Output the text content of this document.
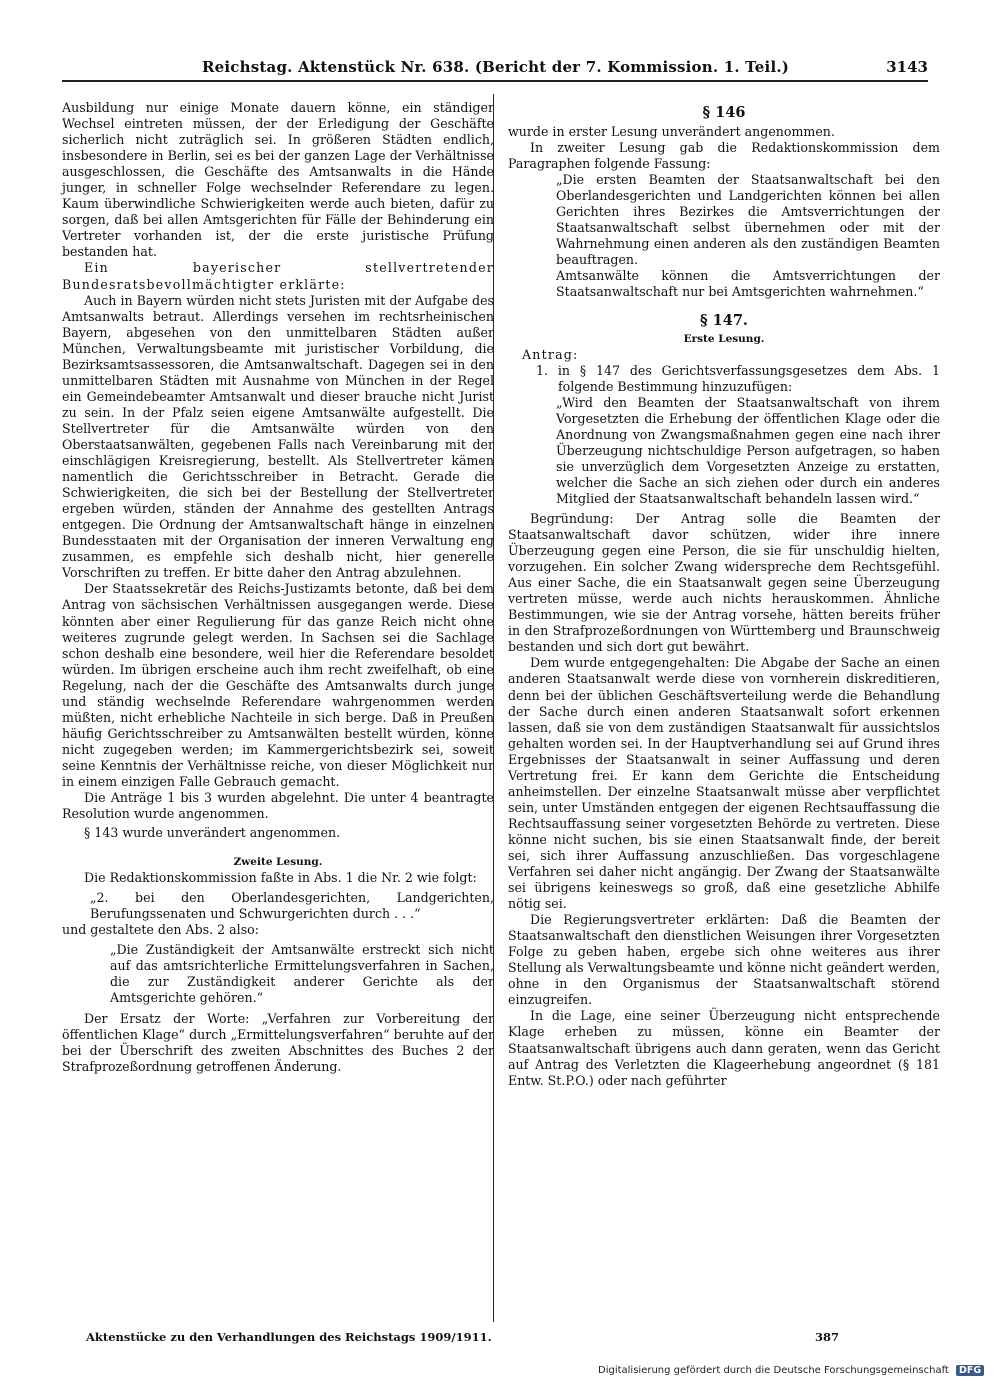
Reichstag. Aktenstück Nr. 638. (Bericht der 7. Kommission. 1. Teil.)	3143

Ausbildung nur einige Monate dauern könne, ein ständiger Wechsel eintreten müssen, der der Erledigung der Geschäfte sicherlich nicht zuträglich sei. In größeren Städten endlich, insbesondere in Berlin, sei es bei der ganzen Lage der Verhältnisse ausgeschlossen, die Geschäfte des Amtsanwalts in die Hände junger, in schneller Folge wechselnder Referendare zu legen. Kaum überwindliche Schwierigkeiten werde auch bieten, dafür zu sorgen, daß bei allen Amtsgerichten für Fälle der Behinderung ein Vertreter vorhanden ist, der die erste juristische Prüfung bestanden hat.

Ein bayerischer stellvertretender Bundesratsbevollmächtigter erklärte:

Auch in Bayern würden nicht stets Juristen mit der Aufgabe des Amtsanwalts betraut. Allerdings versehen im rechtsrheinischen Bayern, abgesehen von den unmittelbaren Städten außer München, Verwaltungsbeamte mit juristischer Vorbildung, die Bezirksamtsassessoren, die Amtsanwaltschaft. Dagegen sei in den unmittelbaren Städten mit Ausnahme von München in der Regel ein Gemeindebeamter Amtsanwalt und dieser brauche nicht Jurist zu sein. In der Pfalz seien eigene Amtsanwälte aufgestellt. Die Stellvertreter für die Amtsanwälte würden von den Oberstaatsanwälten, gegebenen Falls nach Vereinbarung mit der einschlägigen Kreisregierung, bestellt. Als Stellvertreter kämen namentlich die Gerichtsschreiber in Betracht. Gerade die Schwierigkeiten, die sich bei der Bestellung der Stellvertreter ergeben würden, ständen der Annahme des gestellten Antrags entgegen. Die Ordnung der Amtsanwaltschaft hänge in einzelnen Bundesstaaten mit der Organisation der inneren Verwaltung eng zusammen, es empfehle sich deshalb nicht, hier generelle Vorschriften zu treffen. Er bitte daher den Antrag abzulehnen.

Der Staatssekretär des Reichs-Justizamts betonte, daß bei dem Antrag von sächsischen Verhältnissen ausgegangen werde. Diese könnten aber einer Regulierung für das ganze Reich nicht ohne weiteres zugrunde gelegt werden. In Sachsen sei die Sachlage schon deshalb eine besondere, weil hier die Referendare besoldet würden. Im übrigen erscheine auch ihm recht zweifelhaft, ob eine Regelung, nach der die Geschäfte des Amtsanwalts durch junge und ständig wechselnde Referendare wahrgenommen werden müßten, nicht erhebliche Nachteile in sich berge. Daß in Preußen häufig Gerichtsschreiber zu Amtsanwälten bestellt würden, könne nicht zugegeben werden; im Kammergerichtsbezirk sei, soweit seine Kenntnis der Verhältnisse reiche, von dieser Möglichkeit nur in einem einzigen Falle Gebrauch gemacht.

Die Anträge 1 bis 3 wurden abgelehnt. Die unter 4 beantragte Resolution wurde angenommen.

§ 143 wurde unverändert angenommen.

Zweite Lesung.

Die Redaktionskommission faßte in Abs. 1 die Nr. 2 wie folgt:

„2. bei den Oberlandesgerichten, Landgerichten, Berufungssenaten und Schwurgerichten durch . . .“

und gestaltete den Abs. 2 also:

„Die Zuständigkeit der Amtsanwälte erstreckt sich nicht auf das amtsrichterliche Ermittelungsverfahren in Sachen, die zur Zuständigkeit anderer Gerichte als der Amtsgerichte gehören.“

Der Ersatz der Worte: „Verfahren zur Vorbereitung der öffentlichen Klage“ durch „Ermittelungsverfahren“ beruhte auf der bei der Überschrift des zweiten Abschnittes des Buches 2 der Strafprozeßordnung getroffenen Änderung.

§ 146

wurde in erster Lesung unverändert angenommen.

In zweiter Lesung gab die Redaktionskommission dem Paragraphen folgende Fassung:

„Die ersten Beamten der Staatsanwaltschaft bei den Oberlandesgerichten und Landgerichten können bei allen Gerichten ihres Bezirkes die Amtsverrichtungen der Staatsanwaltschaft selbst übernehmen oder mit der Wahrnehmung einen anderen als den zuständigen Beamten beauftragen.

Amtsanwälte können die Amtsverrichtungen der Staatsanwaltschaft nur bei Amtsgerichten wahrnehmen.“

§ 147.

Erste Lesung.

Antrag:

1. in § 147 des Gerichtsverfassungsgesetzes dem Abs. 1 folgende Bestimmung hinzuzufügen:

„Wird den Beamten der Staatsanwaltschaft von ihrem Vorgesetzten die Erhebung der öffentlichen Klage oder die Anordnung von Zwangsmaßnahmen gegen eine nach ihrer Überzeugung nichtschuldige Person aufgetragen, so haben sie unverzüglich dem Vorgesetzten Anzeige zu erstatten, welcher die Sache an sich ziehen oder durch ein anderes Mitglied der Staatsanwaltschaft behandeln lassen wird.“

Begründung: Der Antrag solle die Beamten der Staatsanwaltschaft davor schützen, wider ihre innere Überzeugung gegen eine Person, die sie für unschuldig hielten, vorzugehen. Ein solcher Zwang widerspreche dem Rechtsgefühl. Aus einer Sache, die ein Staatsanwalt gegen seine Überzeugung vertreten müsse, werde auch nichts herauskommen. Ähnliche Bestimmungen, wie sie der Antrag vorsehe, hätten bereits früher in den Strafprozeßordnungen von Württemberg und Braunschweig bestanden und sich dort gut bewährt.

Dem wurde entgegengehalten: Die Abgabe der Sache an einen anderen Staatsanwalt werde diese von vornherein diskreditieren, denn bei der üblichen Geschäftsverteilung werde die Behandlung der Sache durch einen anderen Staatsanwalt sofort erkennen lassen, daß sie von dem zuständigen Staatsanwalt für aussichtslos gehalten worden sei. In der Hauptverhandlung sei auf Grund ihres Ergebnisses der Staatsanwalt in seiner Auffassung und deren Vertretung frei. Er kann dem Gerichte die Entscheidung anheimstellen. Der einzelne Staatsanwalt müsse aber verpflichtet sein, unter Umständen entgegen der eigenen Rechtsauffassung die Rechtsauffassung seiner vorgesetzten Behörde zu vertreten. Diese könne nicht suchen, bis sie einen Staatsanwalt finde, der bereit sei, sich ihrer Auffassung anzuschließen. Das vorgeschlagene Verfahren sei daher nicht angängig. Der Zwang der Staatsanwälte sei übrigens keineswegs so groß, daß eine gesetzliche Abhilfe nötig sei.

Die Regierungsvertreter erklärten: Daß die Beamten der Staatsanwaltschaft den dienstlichen Weisungen ihrer Vorgesetzten Folge zu geben haben, ergebe sich ohne weiteres aus ihrer Stellung als Verwaltungsbeamte und könne nicht geändert werden, ohne in den Organismus der Staatsanwaltschaft störend einzugreifen.

In die Lage, eine seiner Überzeugung nicht entsprechende Klage erheben zu müssen, könne ein Beamter der Staatsanwaltschaft übrigens auch dann geraten, wenn das Gericht auf Antrag des Verletzten die Klageerhebung angeordnet (§ 181 Entw. St.P.O.) oder nach geführter

Aktenstücke zu den Verhandlungen des Reichstags 1909/1911.	387
Digitalisierung gefördert durch die Deutsche Forschungsgemeinschaft DFG
